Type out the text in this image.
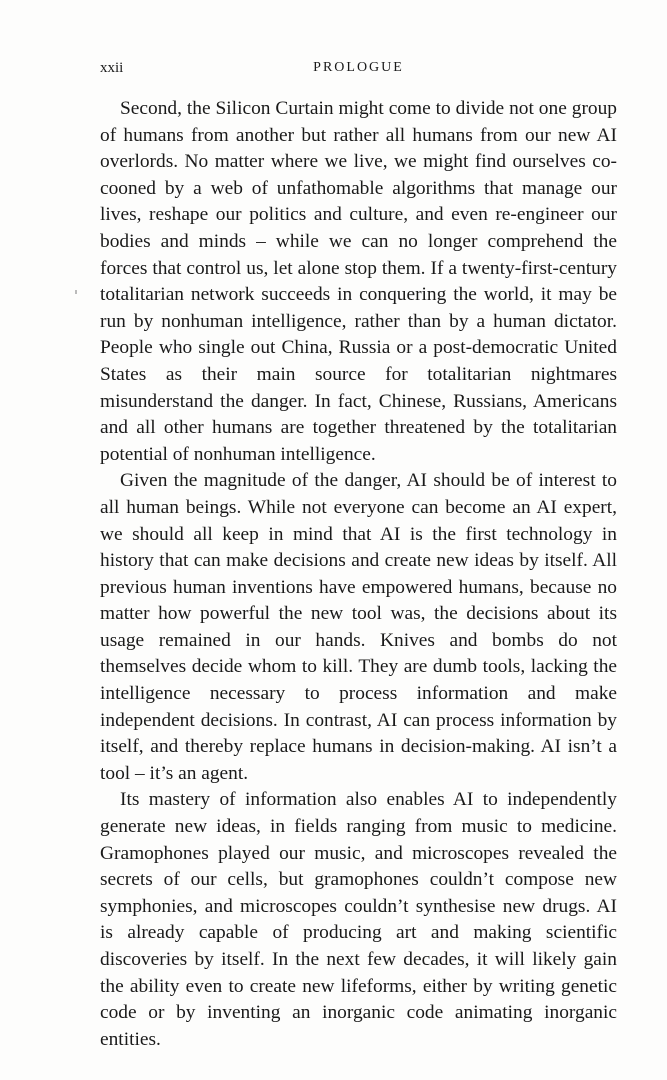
xxii	PROLOGUE

Second, the Silicon Curtain might come to divide not one group of humans from another but rather all humans from our new AI overlords. No matter where we live, we might find ourselves cocooned by a web of unfathomable algorithms that manage our lives, reshape our politics and culture, and even re-engineer our bodies and minds – while we can no longer comprehend the forces that control us, let alone stop them. If a twenty-first-century totalitarian network succeeds in conquering the world, it may be run by nonhuman intelligence, rather than by a human dictator. People who single out China, Russia or a post-democratic United States as their main source for totalitarian nightmares misunderstand the danger. In fact, Chinese, Russians, Americans and all other humans are together threatened by the totalitarian potential of nonhuman intelligence.

Given the magnitude of the danger, AI should be of interest to all human beings. While not everyone can become an AI expert, we should all keep in mind that AI is the first technology in history that can make decisions and create new ideas by itself. All previous human inventions have empowered humans, because no matter how powerful the new tool was, the decisions about its usage remained in our hands. Knives and bombs do not themselves decide whom to kill. They are dumb tools, lacking the intelligence necessary to process information and make independent decisions. In contrast, AI can process information by itself, and thereby replace humans in decision-making. AI isn’t a tool – it’s an agent.

Its mastery of information also enables AI to independently generate new ideas, in fields ranging from music to medicine. Gramophones played our music, and microscopes revealed the secrets of our cells, but gramophones couldn’t compose new symphonies, and microscopes couldn’t synthesise new drugs. AI is already capable of producing art and making scientific discoveries by itself. In the next few decades, it will likely gain the ability even to create new lifeforms, either by writing genetic code or by inventing an inorganic code animating inorganic entities.
